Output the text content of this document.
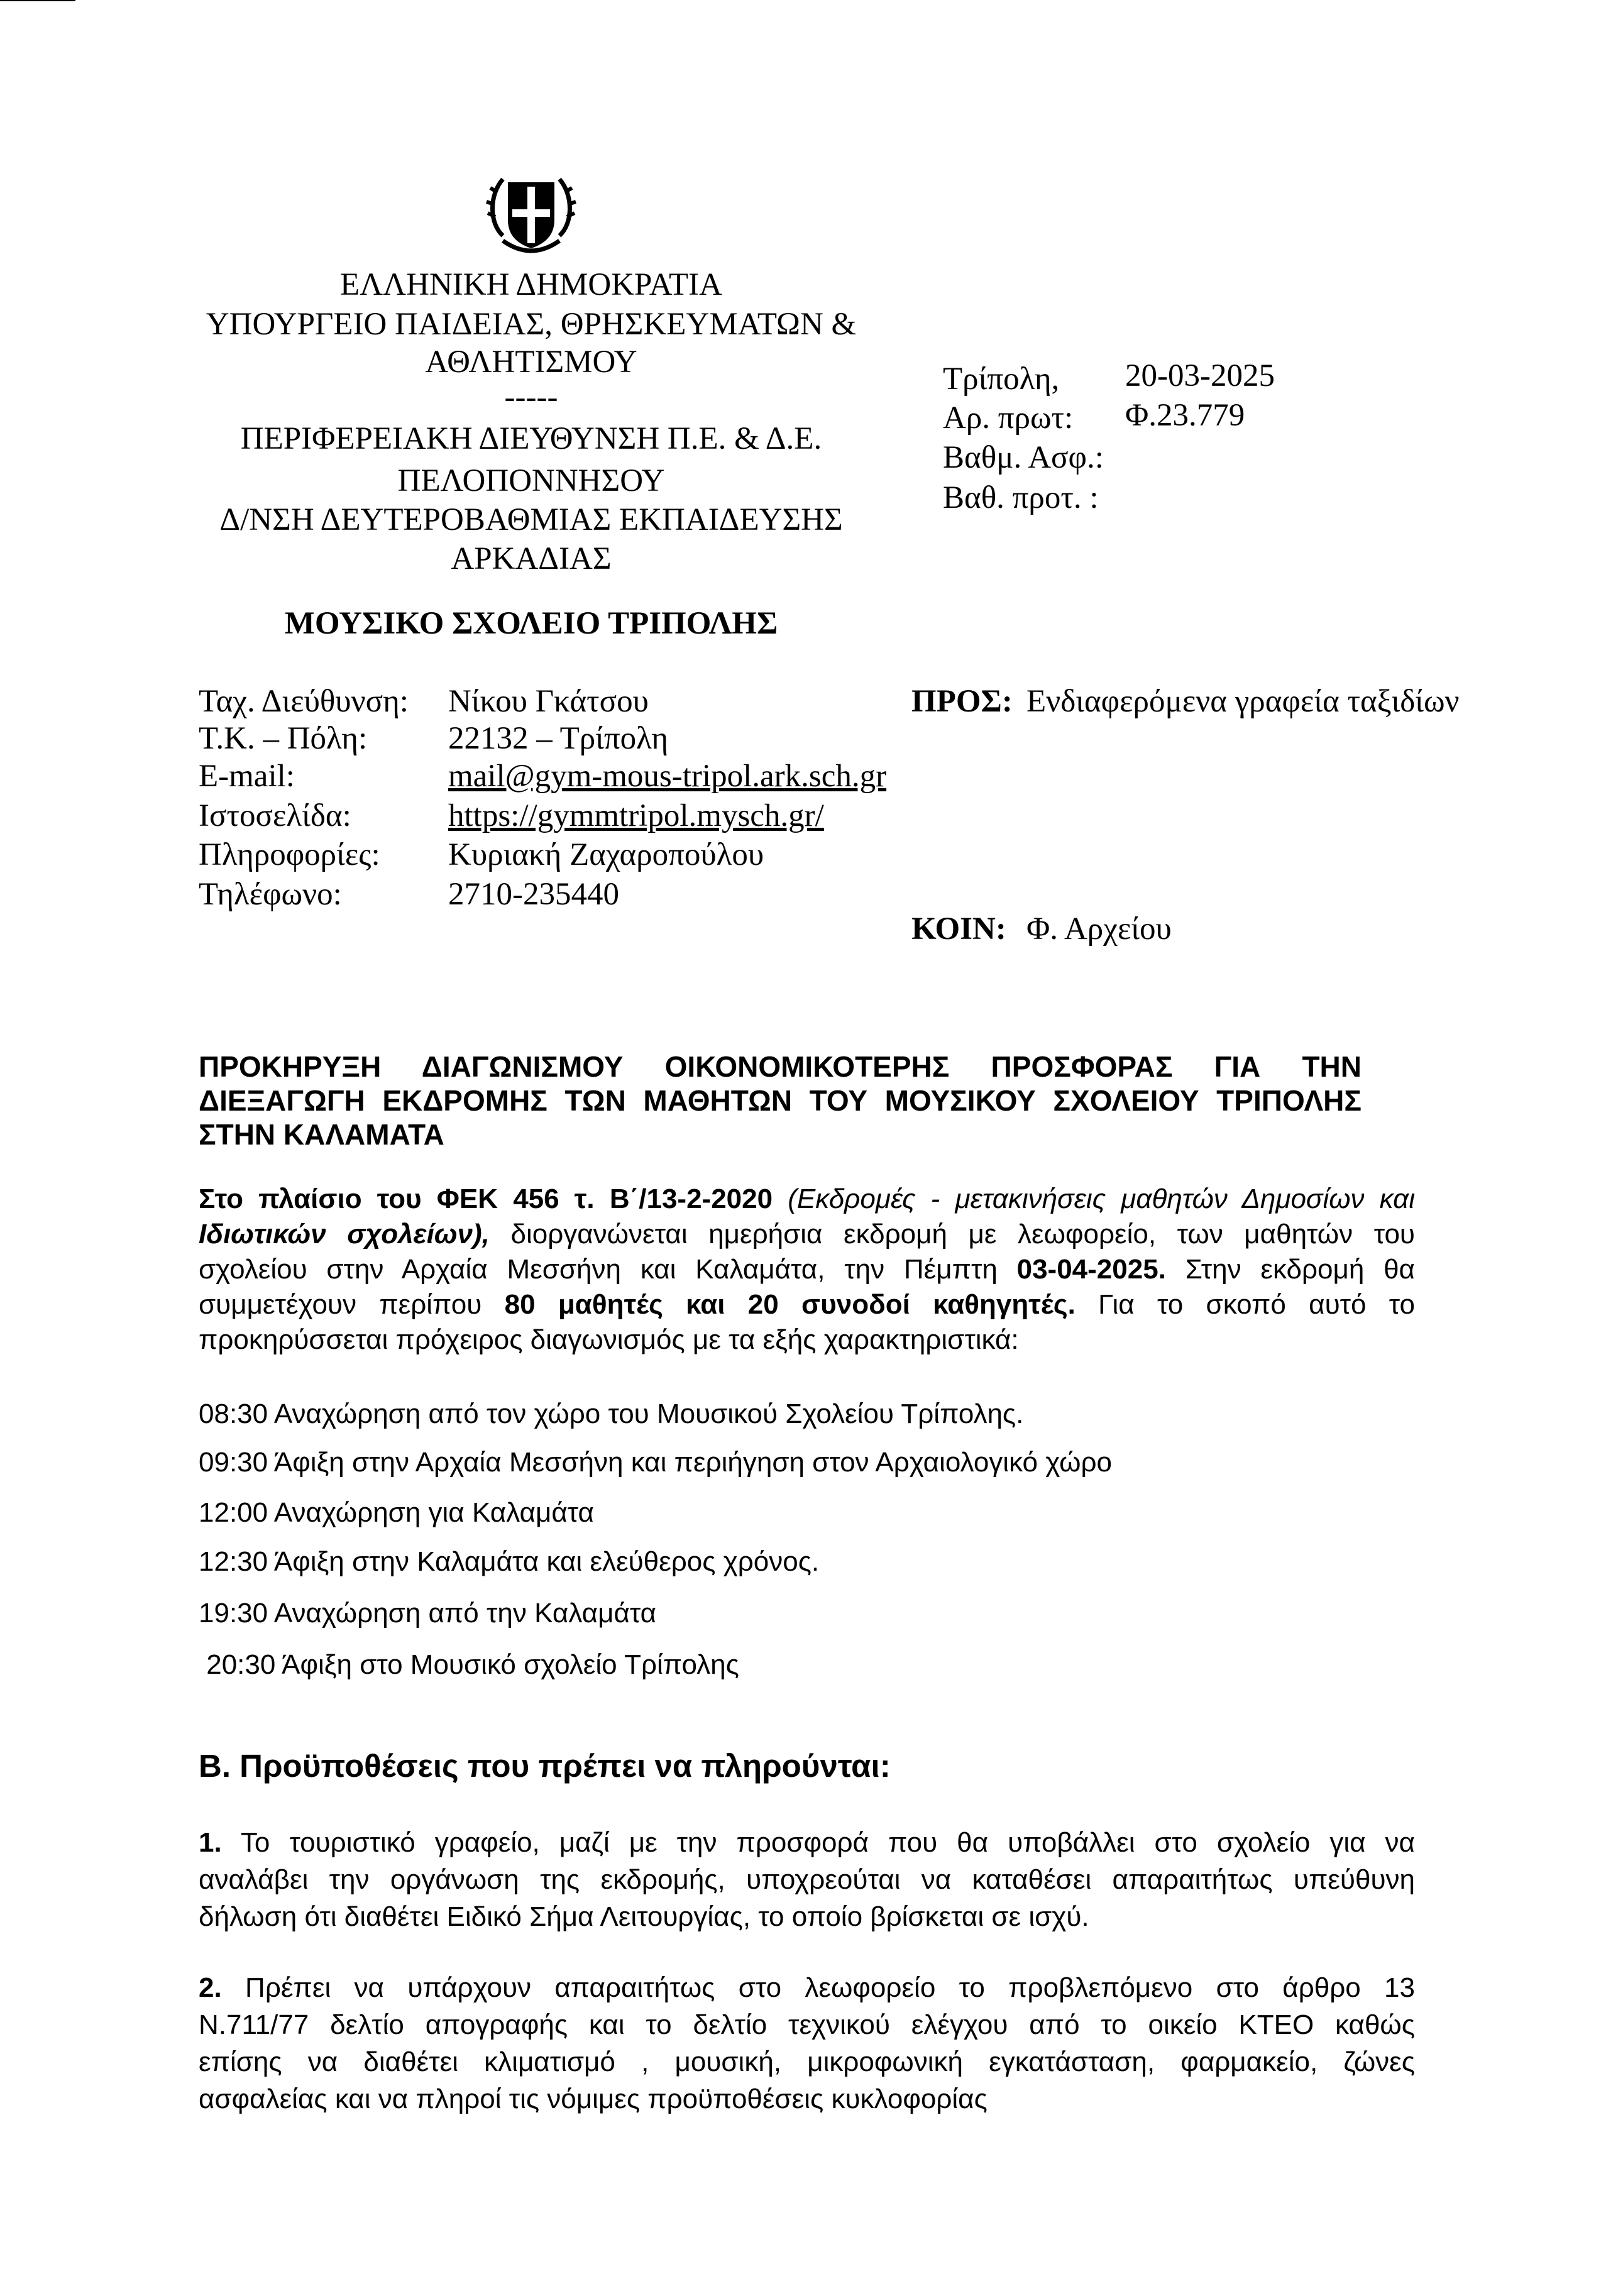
ΕΛΛΗΝΙΚΗ ΔΗΜΟΚΡΑΤΙΑ
ΥΠΟΥΡΓΕΙΟ ΠΑΙΔΕΙΑΣ, ΘΡΗΣΚΕΥΜΑΤΩΝ &
ΑΘΛΗΤΙΣΜΟΥ
-----
ΠΕΡΙΦΕΡΕΙΑΚΗ ΔΙΕΥΘΥΝΣΗ Π.Ε. & Δ.Ε.
ΠΕΛΟΠΟΝΝΗΣΟΥ
Δ/ΝΣΗ ΔΕΥΤΕΡΟΒΑΘΜΙΑΣ ΕΚΠΑΙΔΕΥΣΗΣ
ΑΡΚΑΔΙΑΣ
ΜΟΥΣΙΚΟ ΣΧΟΛΕΙΟ ΤΡΙΠΟΛΗΣ
Τρίπολη, 20-03-2025
Αρ. πρωτ: Φ.23.779
Βαθμ. Ασφ.:
Βαθ. προτ. :
Ταχ. Διεύθυνση: Νίκου Γκάτσου
Τ.Κ. – Πόλη:	22132 – Τρίπολη
E-mail:	mail@gym-mous-tripol.ark.sch.gr
Ιστοσελίδα:	https://gymmtripol.mysch.gr/
Πληροφορίες: Κυριακή Ζαχαροπούλου
Τηλέφωνο:	2710-235440
ΠΡΟΣ: Ενδιαφερόμενα γραφεία ταξιδίων
ΚΟΙΝ: Φ. Αρχείου
ΠΡΟΚΗΡΥΞΗ ΔΙΑΓΩΝΙΣΜΟΥ ΟΙΚΟΝΟΜΙΚΟΤΕΡΗΣ ΠΡΟΣΦΟΡΑΣ ΓΙΑ ΤΗΝ
ΔΙΕΞΑΓΩΓΗ ΕΚΔΡΟΜΗΣ ΤΩΝ ΜΑΘΗΤΩΝ ΤΟΥ ΜΟΥΣΙΚΟΥ ΣΧΟΛΕΙΟΥ ΤΡΙΠΟΛΗΣ
ΣΤΗΝ ΚΑΛΑΜΑΤΑ
Στο πλαίσιο του ΦΕΚ 456 τ. Β΄/13-2-2020 (Εκδρομές - μετακινήσεις μαθητών Δημοσίων και
Ιδιωτικών σχολείων), διοργανώνεται ημερήσια εκδρομή με λεωφορείο, των μαθητών του
σχολείου στην Αρχαία Μεσσήνη και Καλαμάτα, την Πέμπτη 03-04-2025. Στην εκδρομή θα
συμμετέχουν περίπου 80 μαθητές και 20 συνοδοί καθηγητές. Για το σκοπό αυτό το
προκηρύσσεται πρόχειρος διαγωνισμός με τα εξής χαρακτηριστικά:
08:30 Αναχώρηση από τον χώρο του Μουσικού Σχολείου Τρίπολης.
09:30 Άφιξη στην Αρχαία Μεσσήνη και περιήγηση στον Αρχαιολογικό χώρο
12:00 Αναχώρηση για Καλαμάτα
12:30 Άφιξη στην Καλαμάτα και ελεύθερος χρόνος.
19:30 Αναχώρηση από την Καλαμάτα
20:30 Άφιξη στο Μουσικό σχολείο Τρίπολης
Β. Προϋποθέσεις που πρέπει να πληρούνται:
1. Το τουριστικό γραφείο, μαζί με την προσφορά που θα υποβάλλει στο σχολείο για να
αναλάβει την οργάνωση της εκδρομής, υποχρεούται να καταθέσει απαραιτήτως υπεύθυνη
δήλωση ότι διαθέτει Ειδικό Σήμα Λειτουργίας, το οποίο βρίσκεται σε ισχύ.
2. Πρέπει να υπάρχουν απαραιτήτως στο λεωφορείο το προβλεπόμενο στο άρθρο 13
Ν.711/77 δελτίο απογραφής και το δελτίο τεχνικού ελέγχου από το οικείο ΚΤΕΟ καθώς
επίσης να διαθέτει κλιματισμό , μουσική, μικροφωνική εγκατάσταση, φαρμακείο, ζώνες
ασφαλείας και να πληροί τις νόμιμες προϋποθέσεις κυκλοφορίας
